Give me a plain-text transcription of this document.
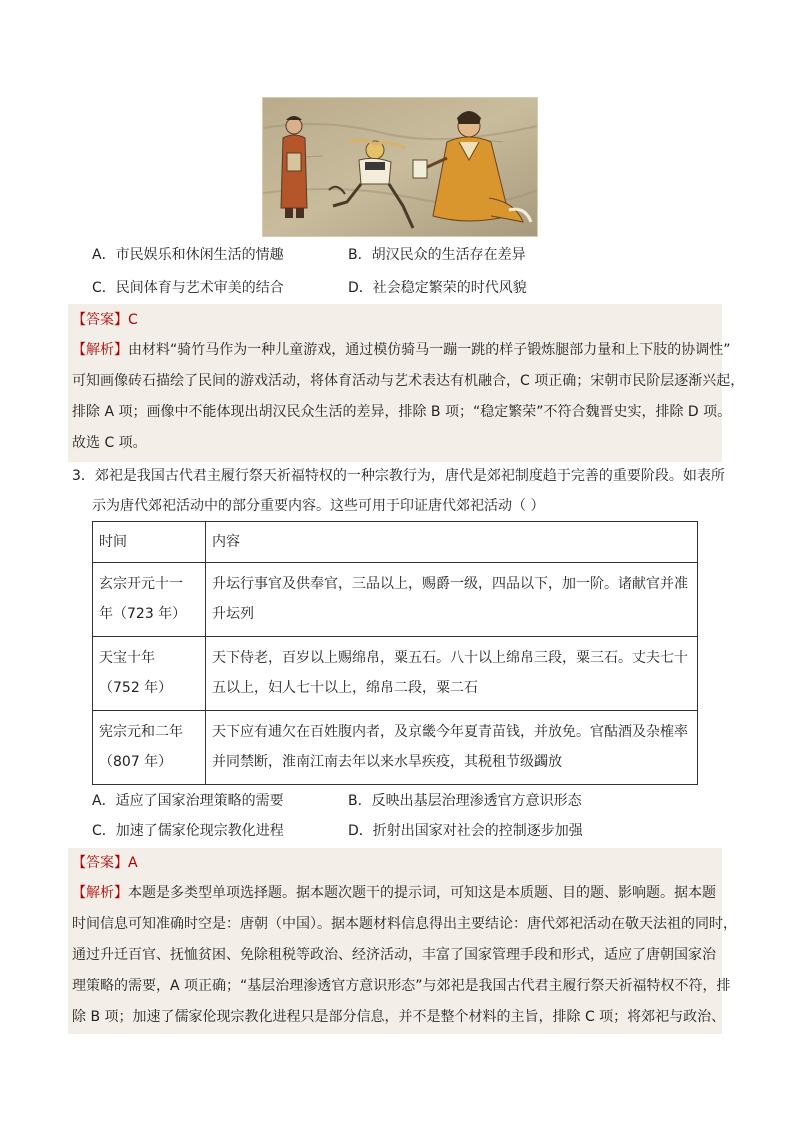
A．市民娱乐和休闲生活的情趣	B．胡汉民众的生活存在差异
C．民间体育与艺术审美的结合	D．社会稳定繁荣的时代风貌
【答案】C
【解析】由材料“骑竹马作为一种儿童游戏，通过模仿骑马一蹦一跳的样子锻炼腿部力量和上下肢的协调性”
可知画像砖石描绘了民间的游戏活动，将体育活动与艺术表达有机融合，C 项正确；宋朝市民阶层逐渐兴起，
排除 A 项；画像中不能体现出胡汉民众生活的差异，排除 B 项；“稳定繁荣”不符合魏晋史实，排除 D 项。
故选 C 项。
3．郊祀是我国古代君主履行祭天祈福特权的一种宗教行为，唐代是郊祀制度趋于完善的重要阶段。如表所
示为唐代郊祀活动中的部分重要内容。这些可用于印证唐代郊祀活动（ ）
时间	内容

玄宗开元十一
年（723 年）	升坛行事官及供奉官，三品以上，赐爵一级，四品以下，加一阶。诸献官并准
升坛列

天宝十年
（752 年）	天下侍老，百岁以上赐绵帛，粟五石。八十以上绵帛三段，粟三石。丈夫七十
五以上，妇人七十以上，绵帛二段，粟二石

宪宗元和二年
（807 年）	天下应有逋欠在百姓腹内者，及京畿今年夏青苗钱，并放免。官酤酒及杂榷率
并同禁断，淮南江南去年以来水旱疾疫，其税租节级蠲放
A．适应了国家治理策略的需要	B．反映出基层治理渗透官方意识形态
C．加速了儒家伦现宗教化进程	D．折射出国家对社会的控制逐步加强
【答案】A
【解析】本题是多类型单项选择题。据本题次题干的提示词，可知这是本质题、目的题、影响题。据本题
时间信息可知准确时空是：唐朝（中国）。据本题材料信息得出主要结论：唐代郊祀活动在敬天法祖的同时，
通过升迁百官、抚恤贫困、免除租税等政治、经济活动，丰富了国家管理手段和形式，适应了唐朝国家治
理策略的需要，A 项正确；“基层治理渗透官方意识形态”与郊祀是我国古代君主履行祭天祈福特权不符，排
除 B 项；加速了儒家伦现宗教化进程只是部分信息，并不是整个材料的主旨，排除 C 项；将郊祀与政治、
